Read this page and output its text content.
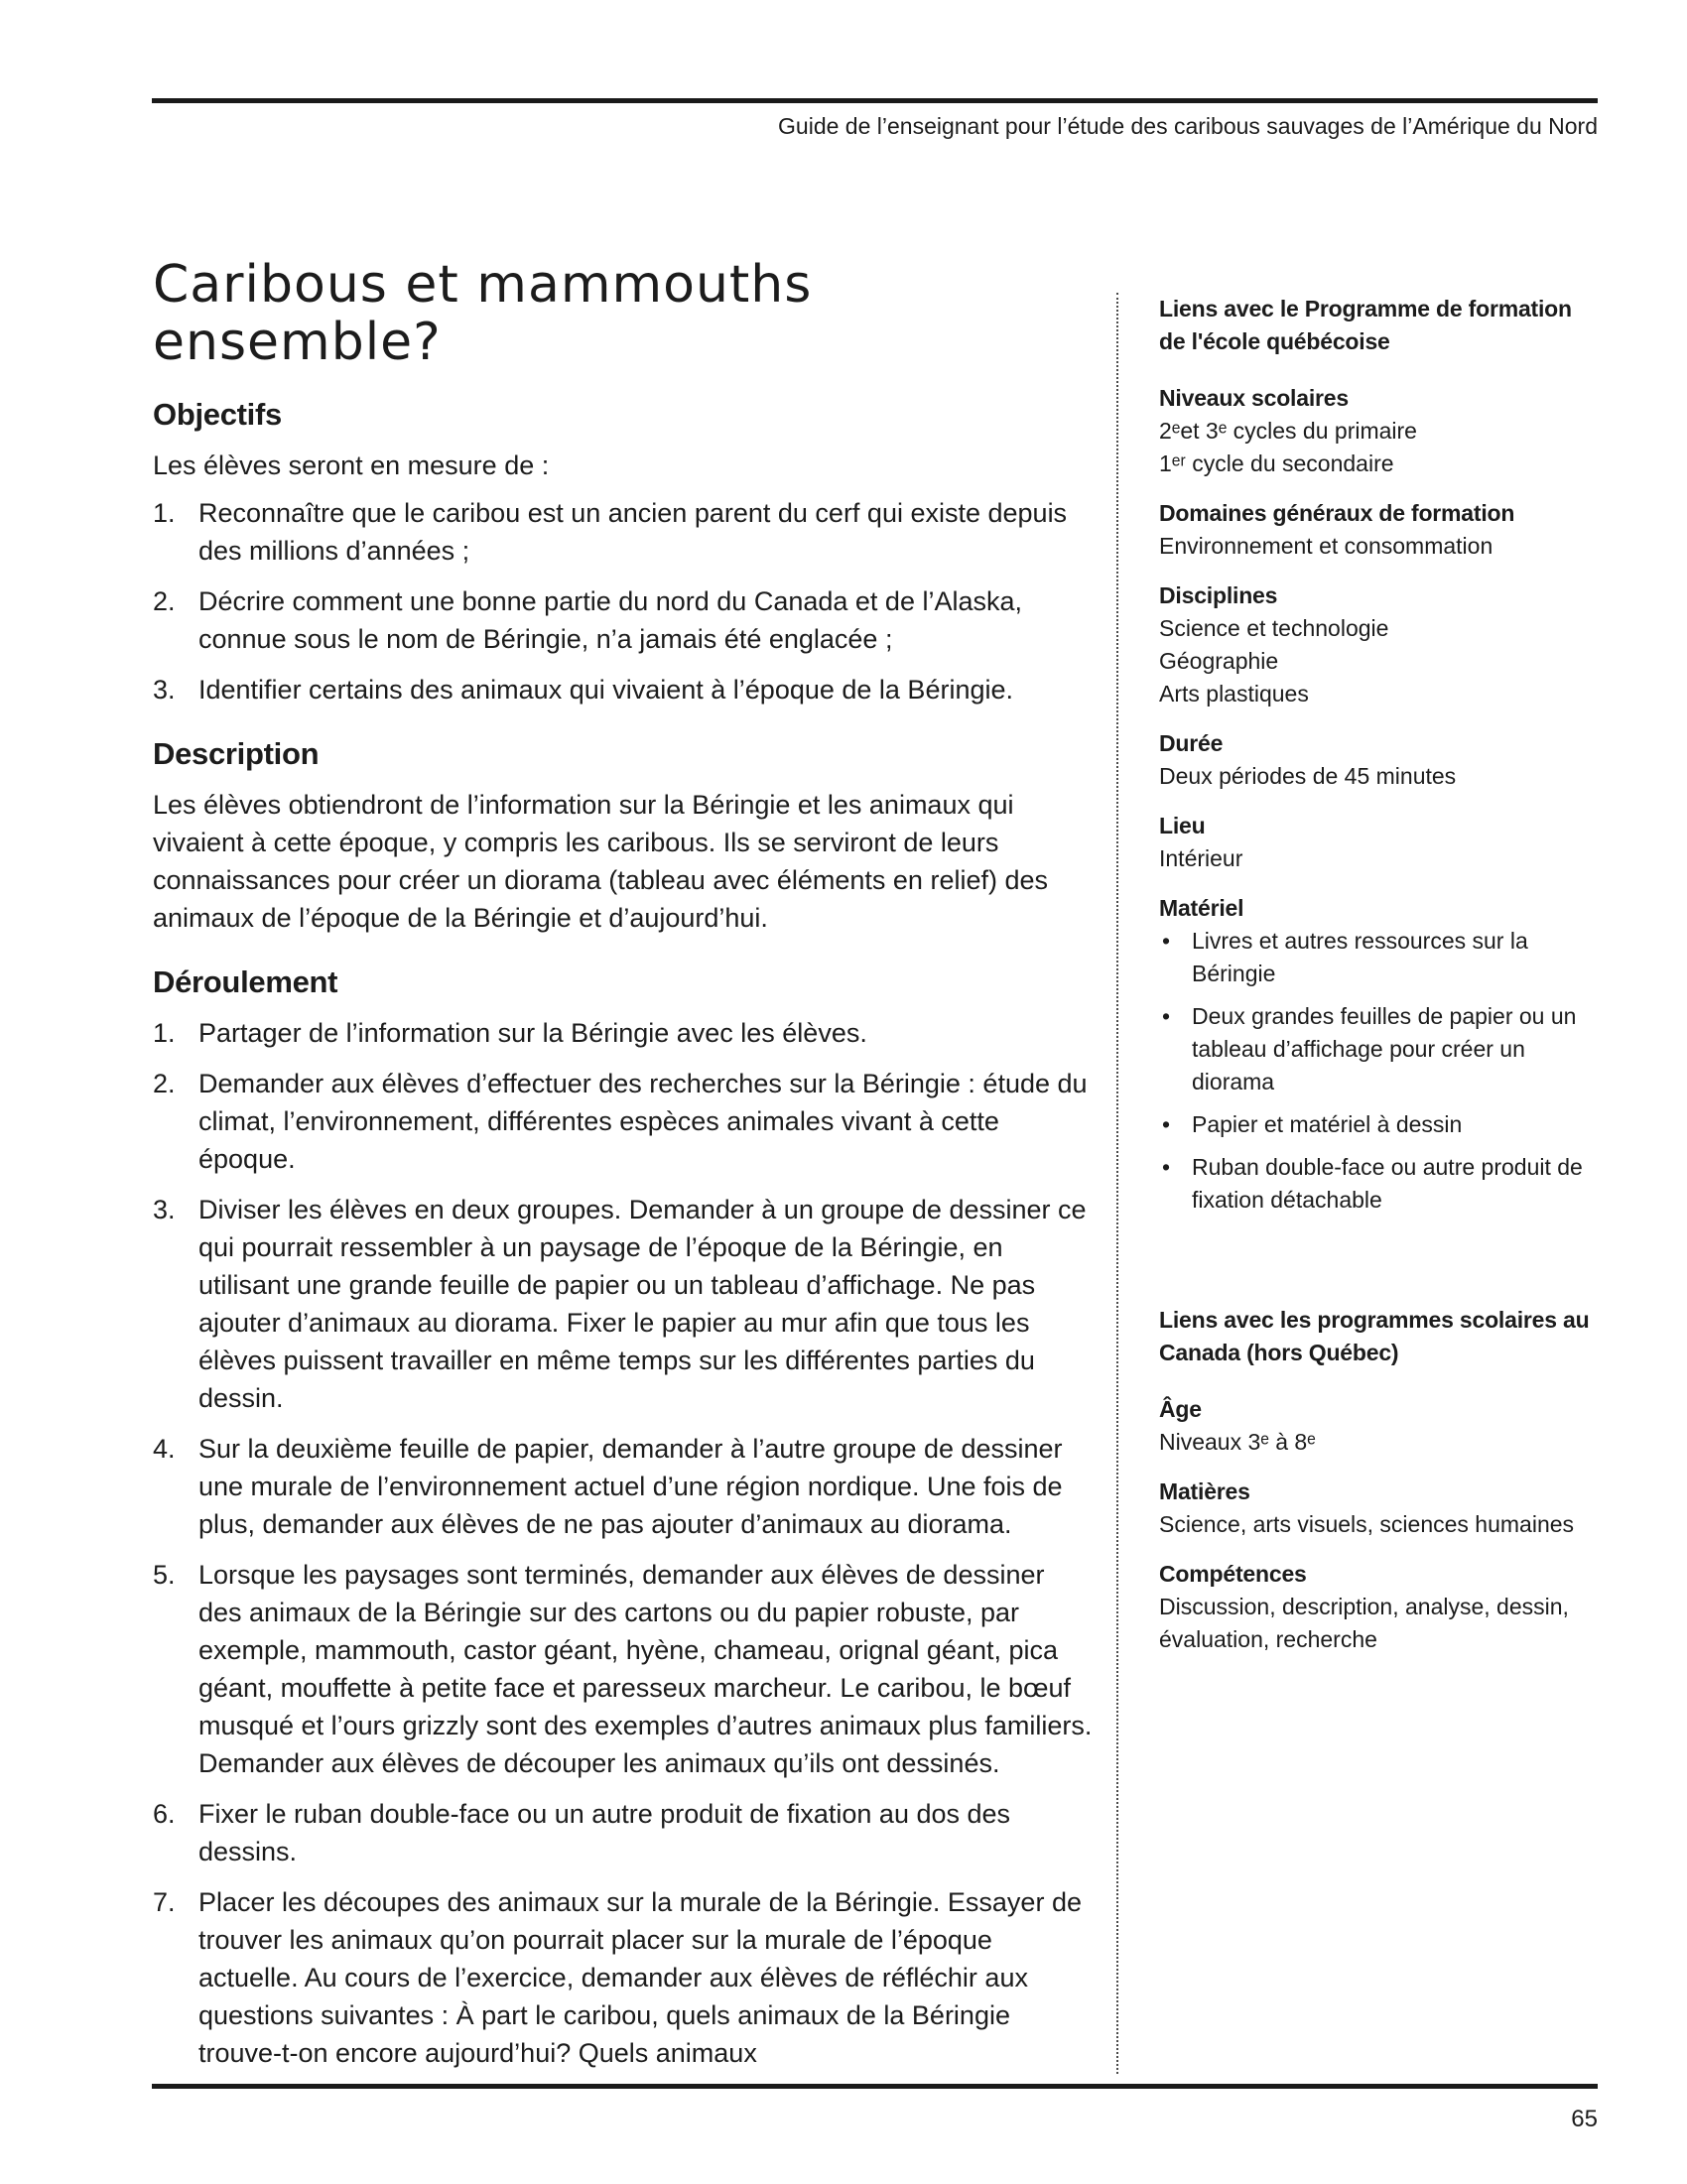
Guide de l’enseignant pour l’étude des caribous sauvages de l’Amérique du Nord
Caribous et mammouths ensemble?
Objectifs
Les élèves seront en mesure de :
1. Reconnaître que le caribou est un ancien parent du cerf qui existe depuis des millions d’années ;
2. Décrire comment une bonne partie du nord du Canada et de l’Alaska, connue sous le nom de Béringie, n’a jamais été englacée ;
3. Identifier certains des animaux qui vivaient à l’époque de la Béringie.
Description
Les élèves obtiendront de l’information sur la Béringie et les animaux qui vivaient à cette époque, y compris les caribous. Ils se serviront de leurs connaissances pour créer un diorama (tableau avec éléments en relief) des animaux de l’époque de la Béringie et d’aujourd’hui.
Déroulement
1. Partager de l’information sur la Béringie avec les élèves.
2. Demander aux élèves d’effectuer des recherches sur la Béringie : étude du climat, l’environnement, différentes espèces animales vivant à cette époque.
3. Diviser les élèves en deux groupes. Demander à un groupe de dessiner ce qui pourrait ressembler à un paysage de l’époque de la Béringie, en utilisant une grande feuille de papier ou un tableau d’affichage. Ne pas ajouter d’animaux au diorama. Fixer le papier au mur afin que tous les élèves puissent travailler en même temps sur les différentes parties du dessin.
4. Sur la deuxième feuille de papier, demander à l’autre groupe de dessiner une murale de l’environnement actuel d’une région nordique. Une fois de plus, demander aux élèves de ne pas ajouter d’animaux au diorama.
5. Lorsque les paysages sont terminés, demander aux élèves de dessiner des animaux de la Béringie sur des cartons ou du papier robuste, par exemple, mammouth, castor géant, hyène, chameau, orignal géant, pica géant, mouffette à petite face et paresseux marcheur. Le caribou, le bœuf musqué et l’ours grizzly sont des exemples d’autres animaux plus familiers. Demander aux élèves de découper les animaux qu’ils ont dessinés.
6. Fixer le ruban double-face ou un autre produit de fixation au dos des dessins.
7. Placer les découpes des animaux sur la murale de la Béringie. Essayer de trouver les animaux qu’on pourrait placer sur la murale de l’époque actuelle. Au cours de l’exercice, demander aux élèves de réfléchir aux questions suivantes : À part le caribou, quels animaux de la Béringie trouve-t-on encore aujourd’hui? Quels animaux
Liens avec le Programme de formation de l'école québécoise
Niveaux scolaires
2ᵉet 3ᵉ cycles du primaire
1ᵉʳ cycle du secondaire
Domaines généraux de formation
Environnement et consommation
Disciplines
Science et technologie
Géographie
Arts plastiques
Durée
Deux périodes de 45 minutes
Lieu
Intérieur
Matériel
• Livres et autres ressources sur la Béringie
• Deux grandes feuilles de papier ou un tableau d’affichage pour créer un diorama
• Papier et matériel à dessin
• Ruban double-face ou autre produit de fixation détachable
Liens avec les programmes scolaires au Canada (hors Québec)
Âge
Niveaux 3ᵉ à 8ᵉ
Matières
Science, arts visuels, sciences humaines
Compétences
Discussion, description, analyse, dessin, évaluation, recherche
65
